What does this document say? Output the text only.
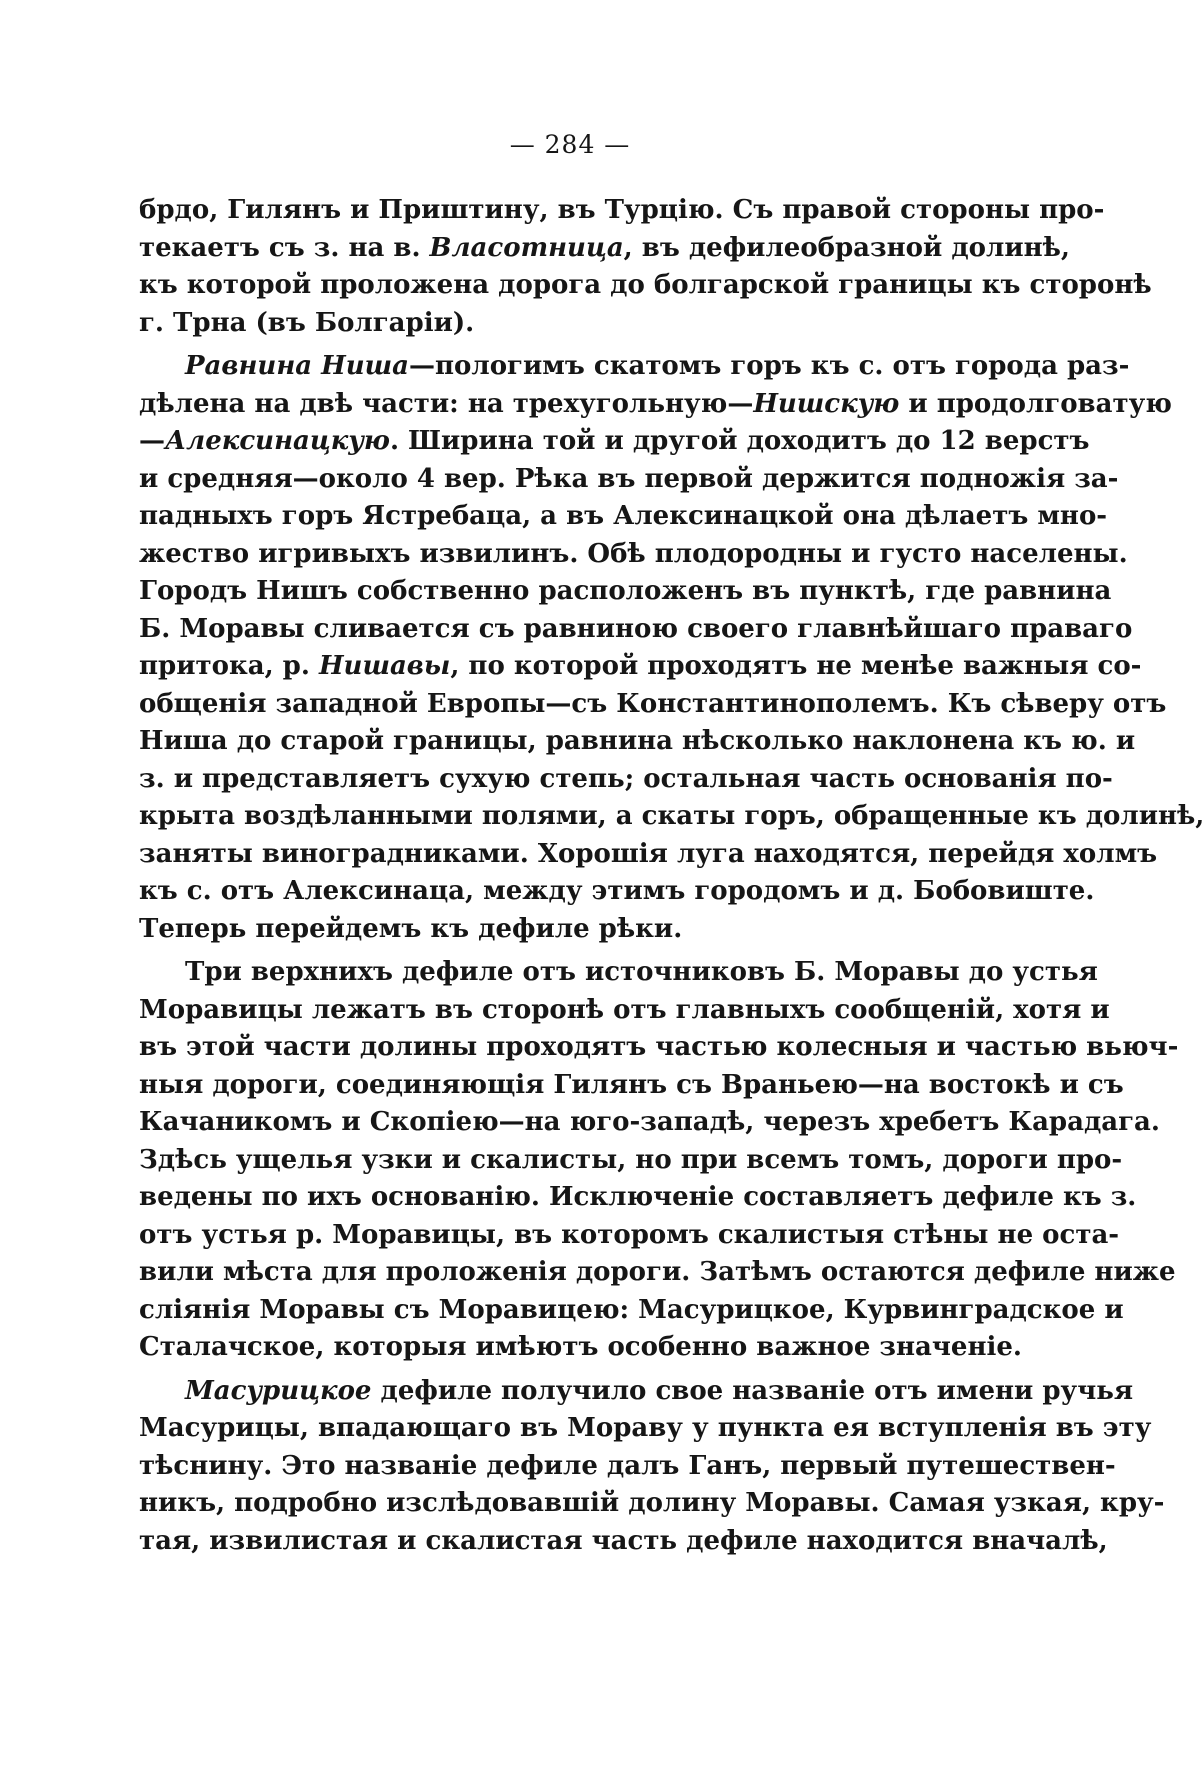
— 284 —
брдо, Гилянъ и Приштину, въ Турцію. Съ правой стороны про-
текаетъ съ з. на в. Власотница, въ дефилеобразной долинѣ,
къ которой проложена дорога до болгарской границы къ сторонѣ
г. Трна (въ Болгаріи).
Равнина Ниша—пологимъ скатомъ горъ къ с. отъ города раз-
дѣлена на двѣ части: на трехугольную—Нишскую и продолговатую
—Алексинацкую. Ширина той и другой доходитъ до 12 верстъ
и средняя—около 4 вер. Рѣка въ первой держится подножія за-
падныхъ горъ Ястребаца, а въ Алексинацкой она дѣлаетъ мно-
жество игривыхъ извилинъ. Обѣ плодородны и густо населены.
Городъ Нишъ собственно расположенъ въ пунктѣ, где равнина
Б. Моравы сливается съ равниною своего главнѣйшаго праваго
притока, р. Нишавы, по которой проходятъ не менѣе важныя со-
общенія западной Европы—съ Константинополемъ. Къ сѣверу отъ
Ниша до старой границы, равнина нѣсколько наклонена къ ю. и
з. и представляетъ сухую степь; остальная часть основанія по-
крыта воздѣланными полями, а скаты горъ, обращенные къ долинѣ,
заняты виноградниками. Хорошія луга находятся, перейдя холмъ
къ с. отъ Алексинаца, между этимъ городомъ и д. Бобовиште.
Теперь перейдемъ къ дефиле рѣки.
Три верхнихъ дефиле отъ источниковъ Б. Моравы до устья
Моравицы лежатъ въ сторонѣ отъ главныхъ сообщеній, хотя и
въ этой части долины проходятъ частью колесныя и частью вьюч-
ныя дороги, соединяющія Гилянъ съ Враньею—на востокѣ и съ
Качаникомъ и Скопіею—на юго-западѣ, черезъ хребетъ Карадага.
Здѣсь ущелья узки и скалисты, но при всемъ томъ, дороги про-
ведены по ихъ основанію. Исключеніе составляетъ дефиле къ з.
отъ устья р. Моравицы, въ которомъ скалистыя стѣны не оста-
вили мѣста для проложенія дороги. Затѣмъ остаются дефиле ниже
сліянія Моравы съ Моравицею: Масурицкое, Курвинградское и
Сталачское, которыя имѣютъ особенно важное значеніе.
Масурицкое дефиле получило свое названіе отъ имени ручья
Масурицы, впадающаго въ Мораву у пункта ея вступленія въ эту
тѣснину. Это названіе дефиле далъ Ганъ, первый путешествен-
никъ, подробно изслѣдовавшій долину Моравы. Самая узкая, кру-
тая, извилистая и скалистая часть дефиле находится вначалѣ,
